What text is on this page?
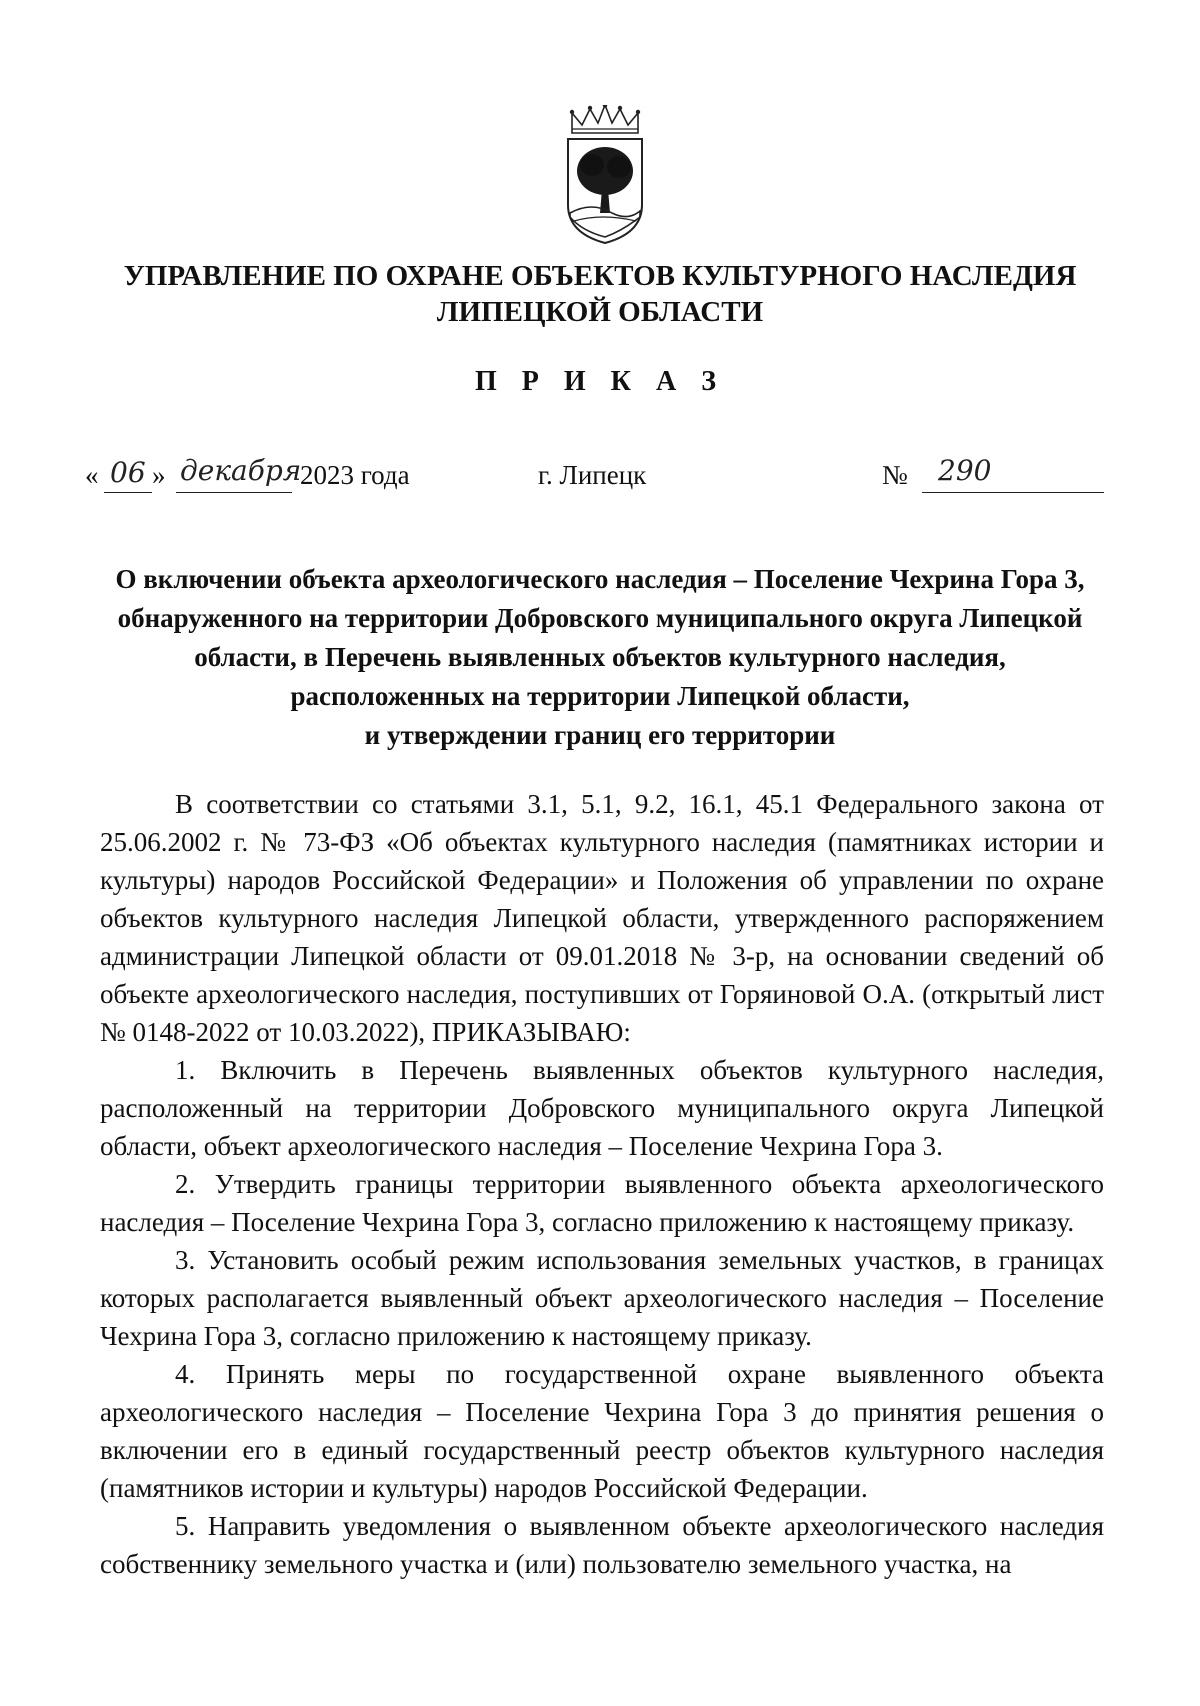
УПРАВЛЕНИЕ ПО ОХРАНЕ ОБЪЕКТОВ КУЛЬТУРНОГО НАСЛЕДИЯ
ЛИПЕЦКОЙ ОБЛАСТИ
П Р И К А З
« 06 » декабря
2023 года	г. Липецк	№ 290
О включении объекта археологического наследия – Поселение Чехрина Гора 3,
обнаруженного на территории Добровского муниципального округа Липецкой
области, в Перечень выявленных объектов культурного наследия,
расположенных на территории Липецкой области,
и утверждении границ его территории

В соответствии со статьями 3.1, 5.1, 9.2, 16.1, 45.1 Федерального закона от 25.06.2002 г. № 73-ФЗ «Об объектах культурного наследия (памятниках истории и культуры) народов Российской Федерации» и Положения об управлении по охране объектов культурного наследия Липецкой области, утвержденного распоряжением администрации Липецкой области от 09.01.2018 № 3-р, на основании сведений об объекте археологического наследия, поступивших от Горяиновой О.А. (открытый лист № 0148-2022 от 10.03.2022), ПРИКАЗЫВАЮ:

1. Включить в Перечень выявленных объектов культурного наследия, расположенный на территории Добровского муниципального округа Липецкой области, объект археологического наследия – Поселение Чехрина Гора 3.

2. Утвердить границы территории выявленного объекта археологического наследия – Поселение Чехрина Гора 3, согласно приложению к настоящему приказу.

3. Установить особый режим использования земельных участков, в границах которых располагается выявленный объект археологического наследия – Поселение Чехрина Гора 3, согласно приложению к настоящему приказу.

4. Принять меры по государственной охране выявленного объекта археологического наследия – Поселение Чехрина Гора 3 до принятия решения о включении его в единый государственный реестр объектов культурного наследия (памятников истории и культуры) народов Российской Федерации.

5. Направить уведомления о выявленном объекте археологического наследия собственнику земельного участка и (или) пользователю земельного участка, на
